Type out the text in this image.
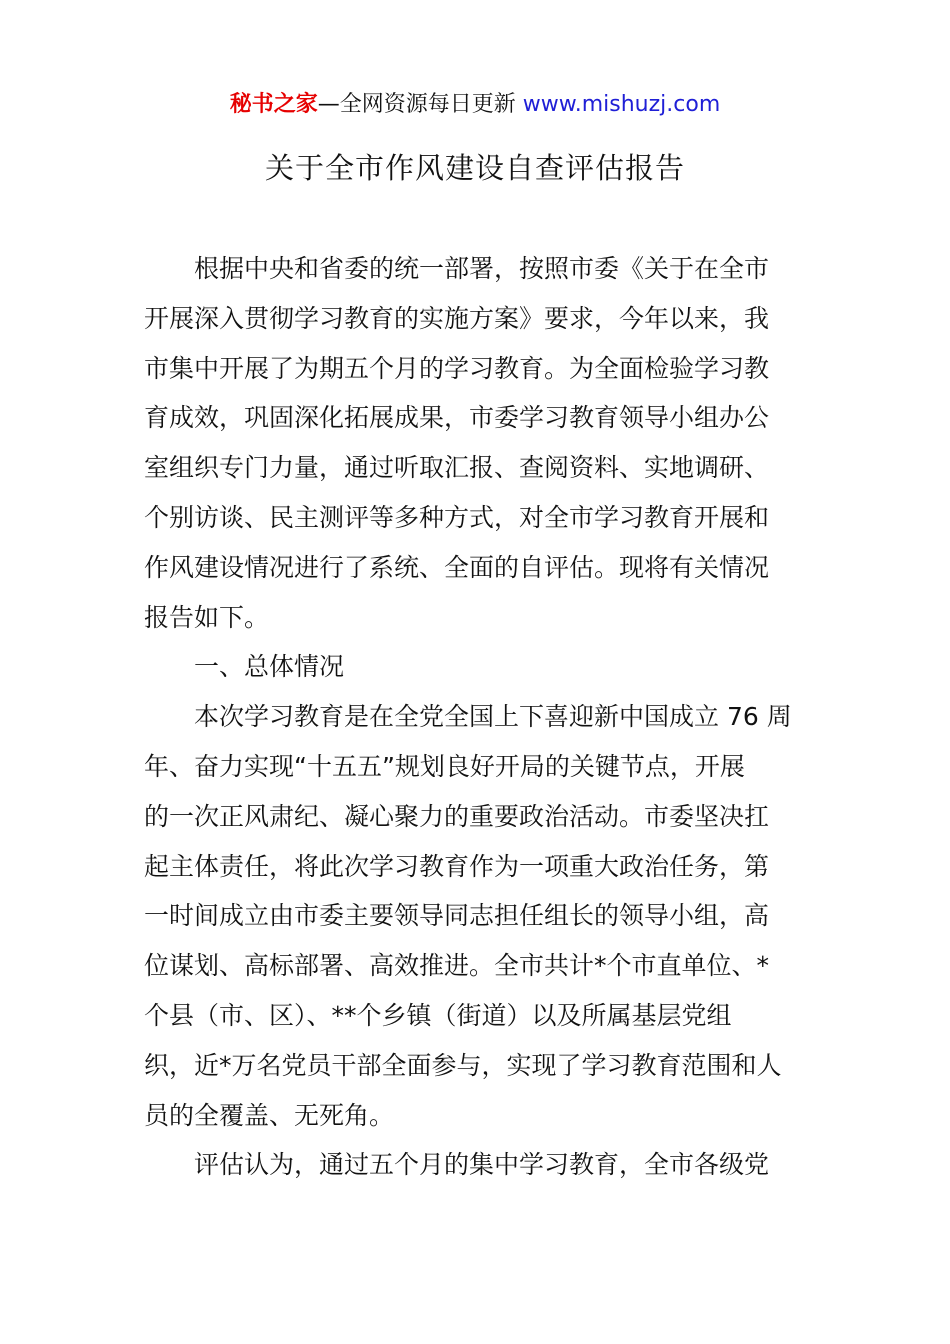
秘书之家—全网资源每日更新 www.mishuzj.com
关于全市作风建设自查评估报告
根据中央和省委的统一部署，按照市委《关于在全市
开展深入贯彻学习教育的实施方案》要求，今年以来，我
市集中开展了为期五个月的学习教育。为全面检验学习教
育成效，巩固深化拓展成果，市委学习教育领导小组办公
室组织专门力量，通过听取汇报、查阅资料、实地调研、
个别访谈、民主测评等多种方式，对全市学习教育开展和
作风建设情况进行了系统、全面的自评估。现将有关情况
报告如下。
一、总体情况
本次学习教育是在全党全国上下喜迎新中国成立 76 周
年、奋力实现“十五五”规划良好开局的关键节点，开展
的一次正风肃纪、凝心聚力的重要政治活动。市委坚决扛
起主体责任，将此次学习教育作为一项重大政治任务，第
一时间成立由市委主要领导同志担任组长的领导小组，高
位谋划、高标部署、高效推进。全市共计*个市直单位、*
个县（市、区）、**个乡镇（街道）以及所属基层党组
织，近*万名党员干部全面参与，实现了学习教育范围和人
员的全覆盖、无死角。
评估认为，通过五个月的集中学习教育，全市各级党
